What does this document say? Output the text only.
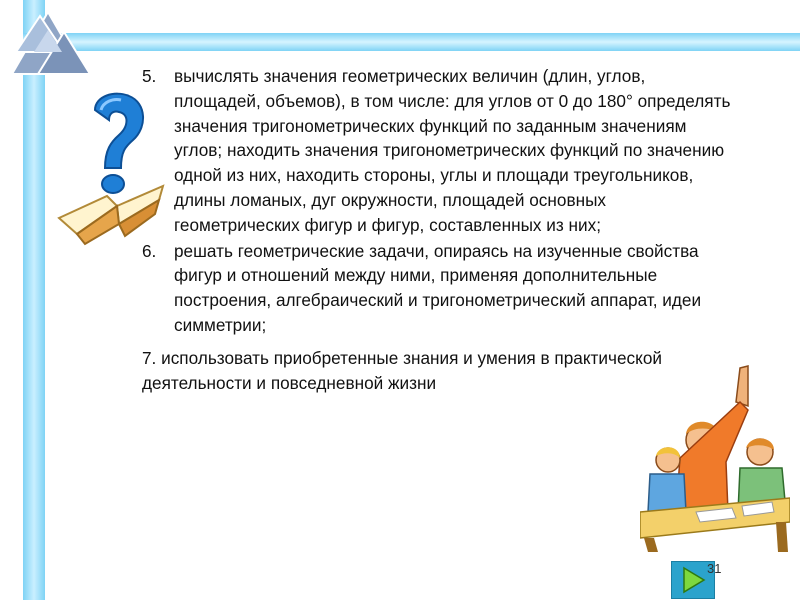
5.	вычислять значения геометрических величин (длин, углов, площадей, объемов), в том числе: для углов от 0 до 180° определять значения тригонометрических функций по заданным значениям углов; находить значения тригонометрических функций по значению одной из них, находить стороны, углы и площади треугольников, длины ломаных, дуг окружности, площадей основных геометрических фигур и фигур, составленных из них;
6.	решать геометрические задачи, опираясь на изученные свойства фигур и отношений между ними, применяя дополнительные построения, алгебраический и тригонометрический аппарат, идеи симметрии;
7. использовать приобретенные знания и умения в практической деятельности и повседневной жизни
31
